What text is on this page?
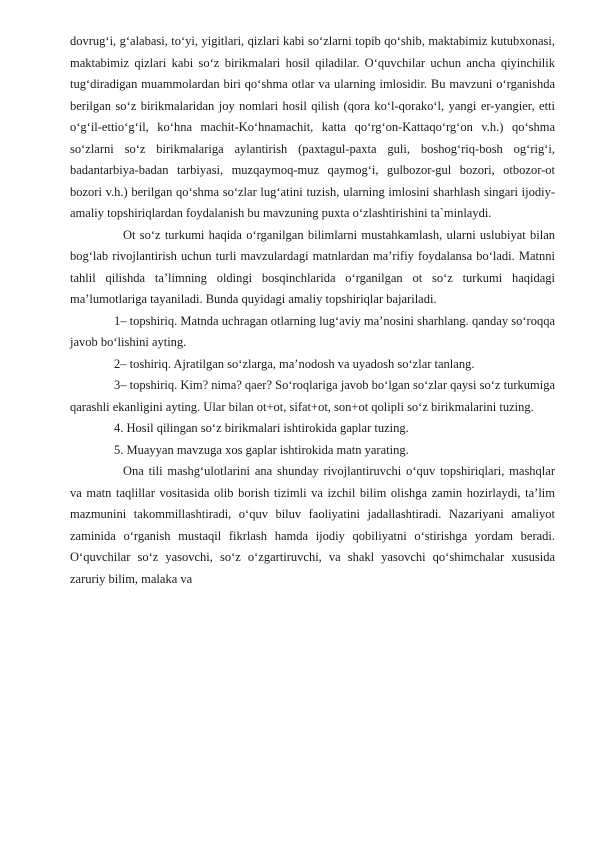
dovrug‘i, g‘alabasi, to‘yi, yigitlari, qizlari kabi so‘zlarni topib qo‘shib, maktabimiz kutubxonasi, maktabimiz qizlari kabi so‘z birikmalari hosil qiladilar. O‘quvchilar uchun ancha qiyinchilik tug‘diradigan muammolardan biri qo‘shma otlar va ularning imlosidir. Bu mavzuni o‘rganishda berilgan so‘z birikmalaridan joy nomlari hosil qilish (qora ko‘l-qorako‘l, yangi er-yangier, etti o‘g‘il-ettio‘g‘il, ko‘hna machit-Ko‘hnamachit, katta qo‘rg‘on-Kattaqo‘rg‘on v.h.) qo‘shma so‘zlarni so‘z birikmalariga aylantirish (paxtagul-paxta guli, boshog‘riq-bosh og‘rig‘i, badantarbiya-badan tarbiyasi, muzqaymoq-muz qaymog‘i, gulbozor-gul bozori, otbozor-ot bozori v.h.) berilgan qo‘shma so‘zlar lug‘atini tuzish, ularning imlosini sharhlash singari ijodiy-amaliy topshiriqlardan foydalanish bu mavzuning puxta o‘zlashtirishini ta`minlaydi.

Ot so‘z turkumi haqida o‘rganilgan bilimlarni mustahkamlash, ularni uslubiyat bilan bog‘lab rivojlantirish uchun turli mavzulardagi matnlardan ma’rifiy foydalansa bo‘ladi. Matnni tahlil qilishda ta’limning oldingi bosqinchlarida o‘rganilgan ot so‘z turkumi haqidagi ma’lumotlariga tayaniladi. Bunda quyidagi amaliy topshiriqlar bajariladi.

1– topshiriq. Matnda uchragan otlarning lug‘aviy ma’nosini sharhlang. qanday so‘roqqa javob bo‘lishini ayting.

2– toshiriq. Ajratilgan so‘zlarga, ma’nodosh va uyadosh so‘zlar tanlang.

3– topshiriq. Kim? nima? qaer? So‘roqlariga javob bo‘lgan so‘zlar qaysi so‘z turkumiga qarashli ekanligini ayting. Ular bilan ot+ot, sifat+ot, son+ot qolipli so‘z birikmalarini tuzing.

4. Hosil qilingan so‘z birikmalari ishtirokida gaplar tuzing.

5. Muayyan mavzuga xos gaplar ishtirokida matn yarating.

Ona tili mashg‘ulotlarini ana shunday rivojlantiruvchi o‘quv topshiriqlari, mashqlar va matn taqlillar vositasida olib borish tizimli va izchil bilim olishga zamin hozirlaydi, ta’lim mazmunini takommillashtiradi, o‘quv biluv faoliyatini jadallashtiradi. Nazariyani amaliyot zaminida o‘rganish mustaqil fikrlash hamda ijodiy qobiliyatni o‘stirishga yordam beradi. O‘quvchilar so‘z yasovchi, so‘z o‘zgartiruvchi, va shakl yasovchi qo‘shimchalar xususida zaruriy bilim, malaka va
